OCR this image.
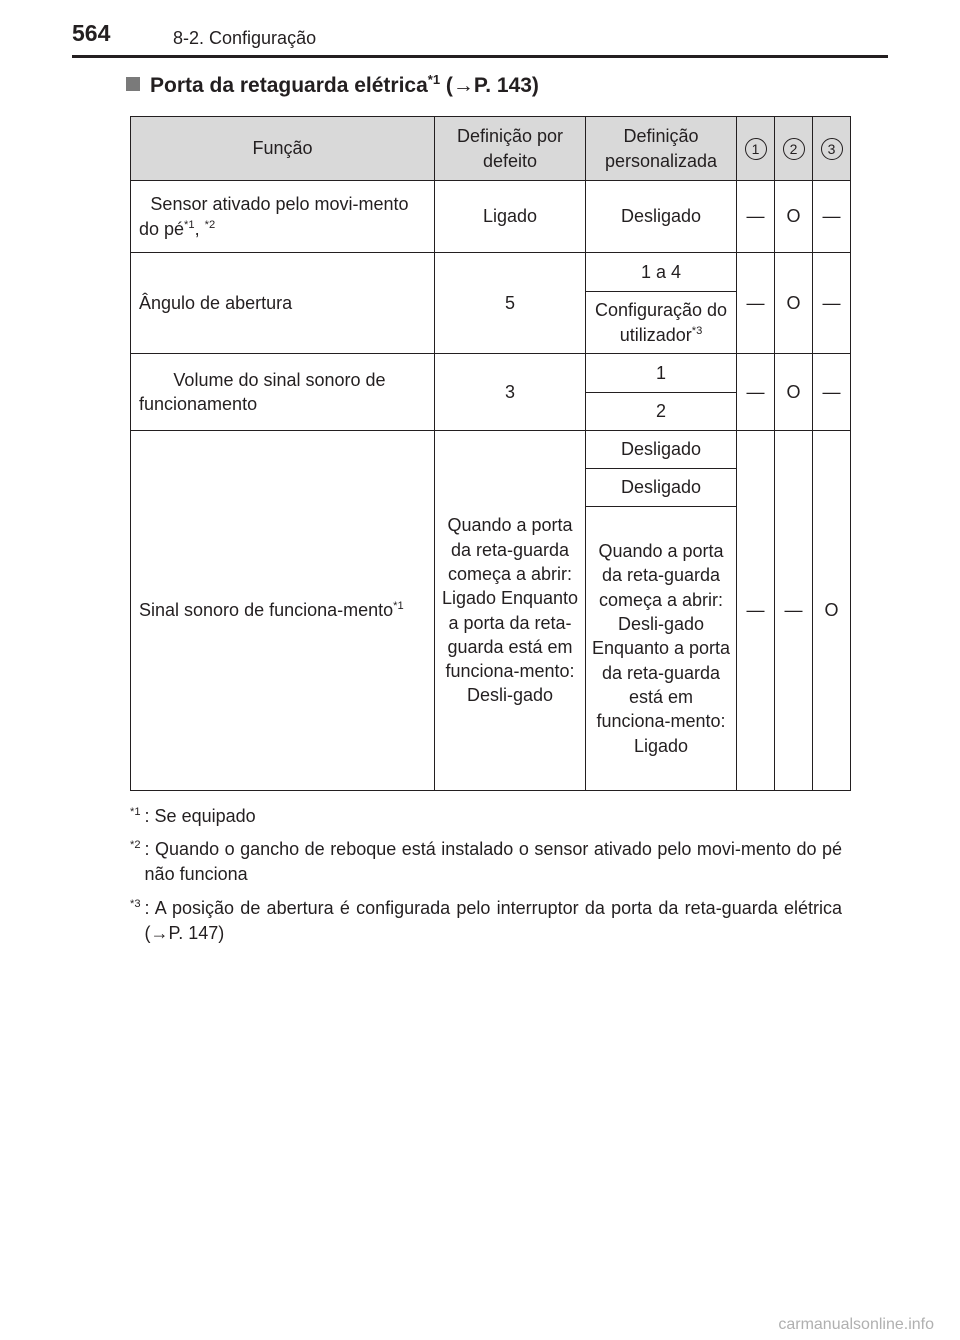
564	8-2. Configuração
Porta da retaguarda elétrica$^{*1}$ (→P. 143)
Função	Definição por defeito	Definição personalizada	1	2	3
Sensor ativado pelo movi-mento do $pé^{*1}$, $^{*2}$	Ligado	Desligado	—	O	—
Ângulo de abertura	5	1 a 4	—	O	—
		Configuração do utilizador$^{*3}$
Volume do sinal sonoro de funcionamento	3	1	—	O	—
		2			
Sinal sonoro de funciona-mento$^{*1}$	Quando a porta da reta-guarda começa a abrir: Ligado Enquanto a porta da reta-guarda está em funciona-mento: Desli-gado	Desligado	—	—	O
		Desligado			
		Quando a porta da reta-guarda começa a abrir: Desli-gado Enquanto a porta da reta-guarda está em funciona-mento: Ligado			
$^{*1}$ : Se equipado
$^{*2}$ : Quando o gancho de reboque está instalado o sensor ativado pelo movi-mento do pé não funciona
$^{*3}$ : A posição de abertura é configurada pelo interruptor da porta da reta-guarda elétrica (→P. 147)
carmanualsonline.info
